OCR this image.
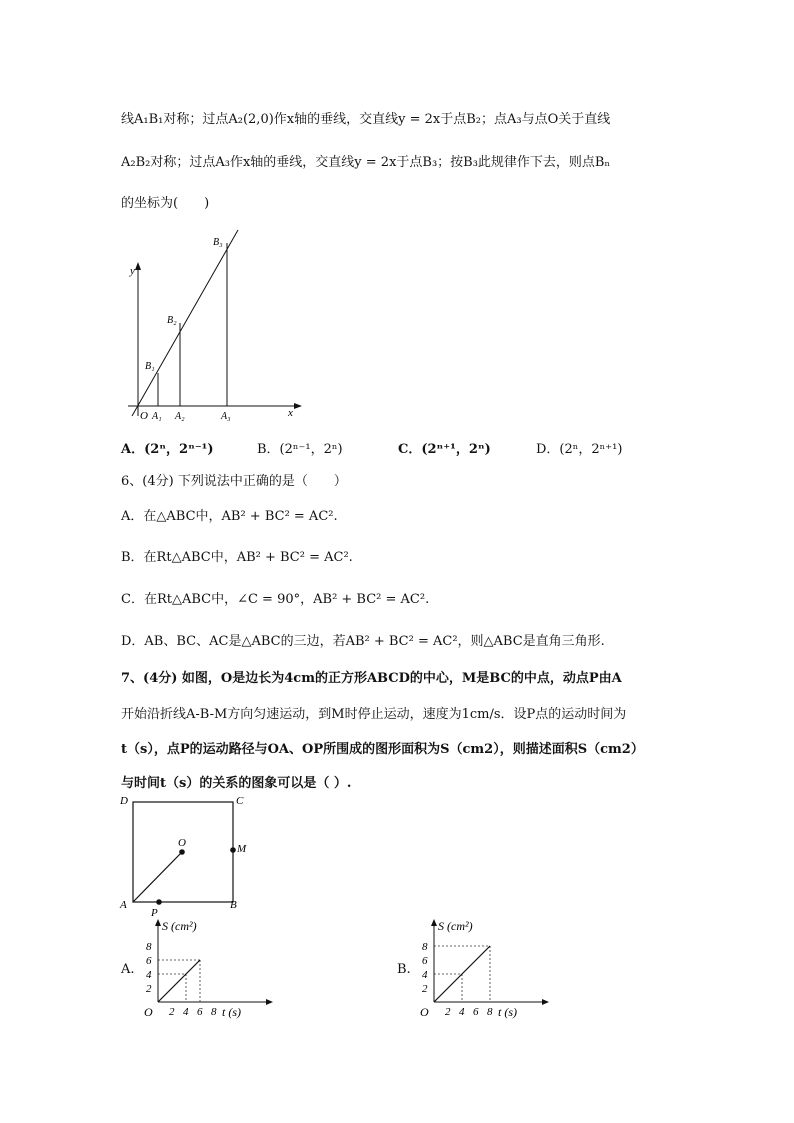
线A₁B₁对称；过点A₂(2,0)作x轴的垂线，交直线y = 2x于点B₂；点A₃与点O关于直线
A₂B₂对称；过点A₃作x轴的垂线，交直线y = 2x于点B₃；按B₃此规律作下去，则点Bₙ
的坐标为(　　)
y
x
O A₁ A₂	A₃
B₁
B₂
B₃
A．(2ⁿ，2ⁿ⁻¹)	B．(2ⁿ⁻¹，2ⁿ)	C．(2ⁿ⁺¹，2ⁿ)	D．(2ⁿ，2ⁿ⁺¹)
6、(4分) 下列说法中正确的是（　　）
A．在△ABC中，AB² + BC² = AC².
B．在Rt△ABC中，AB² + BC² = AC².
C．在Rt△ABC中，∠C = 90°，AB² + BC² = AC².
D．AB、BC、AC是△ABC的三边，若AB² + BC² = AC²，则△ABC是直角三角形.
7、(4分) 如图，O是边长为4cm的正方形ABCD的中心，M是BC的中点，动点P由A
开始沿折线A-B-M方向匀速运动，到M时停止运动，速度为1cm/s．设P点的运动时间为
t（s），点P的运动路径与OA、OP所围成的图形面积为S（cm2），则描述面积S（cm2）
与时间t（s）的关系的图象可以是（ ）.
D	C
O	M
A
P
B
A.
2 4 6 8
2
4
6
8
O
S (cm²)
t (s)
B.
2 4 6 8
2
4
6
8
O
S (cm²)
t (s)
